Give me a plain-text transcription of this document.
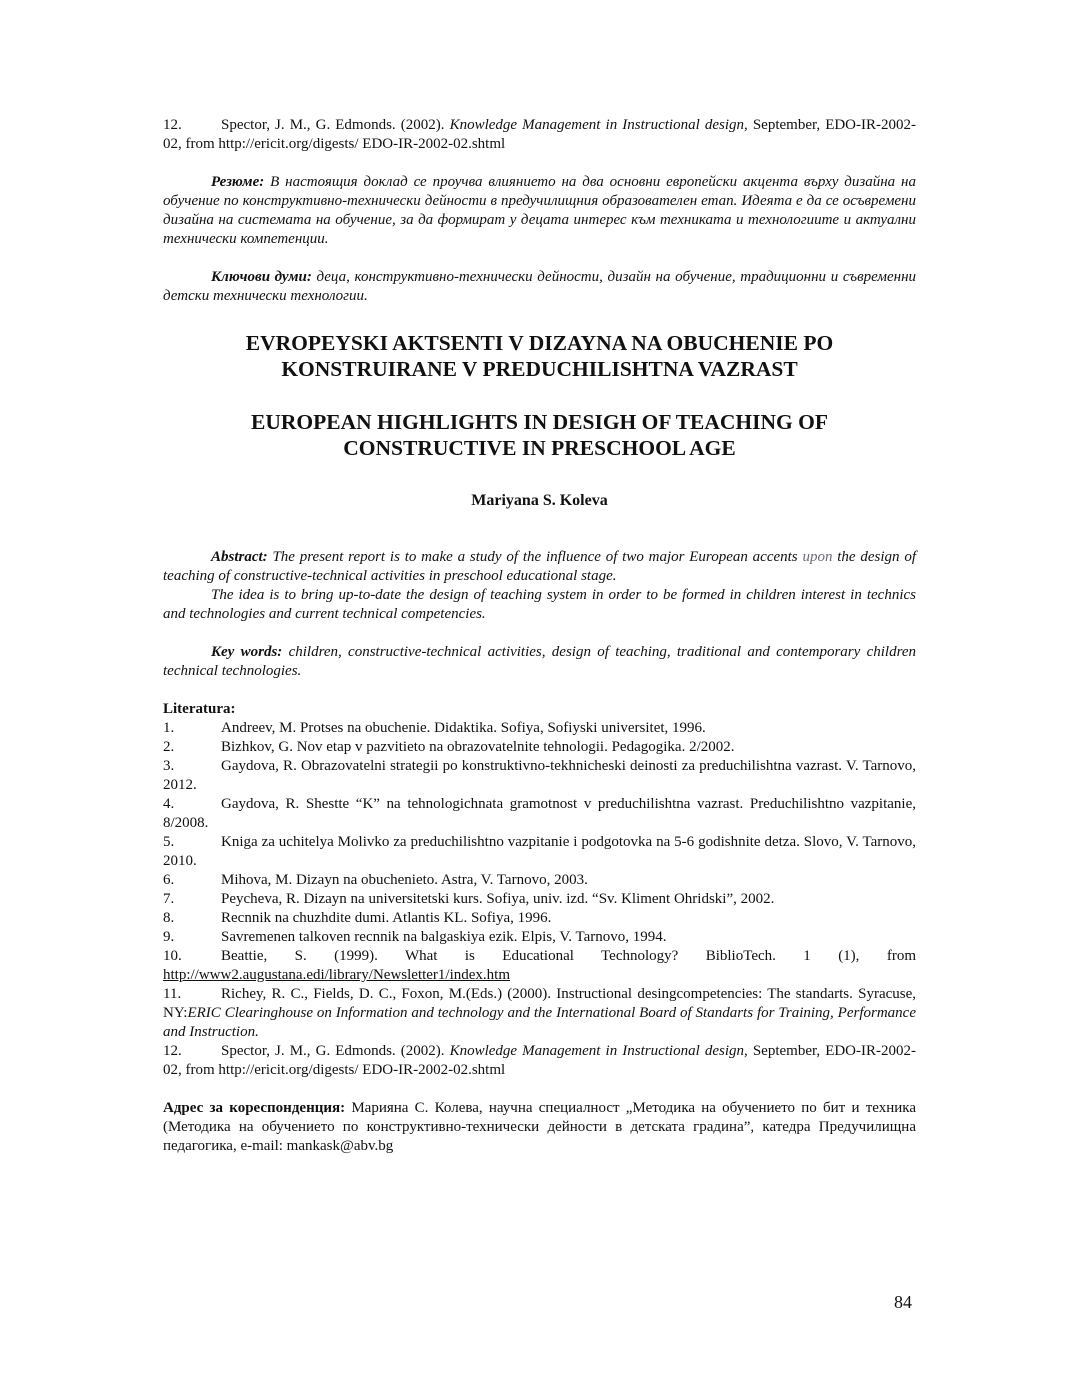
12.	Spector, J. M., G. Edmonds. (2002). Knowledge Management in Instructional design, September, EDO-IR-2002-02, from http://ericit.org/digests/ EDO-IR-2002-02.shtml

Резюме: В настоящия доклад се проучва влиянието на два основни европейски акцента върху дизайна на обучение по конструктивно-технически дейности в предучилищния образователен етап. Идеята е да се осъвремени дизайна на системата на обучение, за да формират у децата интерес към техниката и технологиите и актуални технически компетенции.

Ключови думи: деца, конструктивно-технически дейности, дизайн на обучение, традиционни и съвременни детски технически технологии.

EVROPEYSKI AKTSENTI V DIZAYNA NA OBUCHENIE PO
KONSTRUIRANE V PREDUCHILISHTNA VAZRAST
EUROPEAN HIGHLIGHTS IN DESIGH OF TEACHING OF
CONSTRUCTIVE IN PRESCHOOL AGE
Mariyana S. Koleva

Abstract: The present report is to make a study of the influence of two major European accents upon the design of teaching of constructive-technical activities in preschool educational stage.
The idea is to bring up-to-date the design of teaching system in order to be formed in children interest in technics and technologies and current technical competencies.

Key words: children, constructive-technical activities, design of teaching, traditional and contemporary children technical technologies.

Literatura:

1.	Andreev, M. Protses na obuchenie. Didaktika. Sofiya, Sofiyski universitet, 1996.

2.	Bizhkov, G. Nov etap v pazvitieto na obrazovatelnite tehnologii. Pedagogika. 2/2002.

3.	Gaydova, R. Obrazovatelni strategii po konstruktivno-tekhnicheski deinosti za preduchilishtna vazrast. V. Tarnovo, 2012.

4.	Gaydova, R. Shestte “K” na tehnologichnata gramotnost v preduchilishtna vazrast. Preduchilishtno vazpitanie, 8/2008.

5.	Kniga za uchitelya Molivko za preduchilishtno vazpitanie i podgotovka na 5-6 godishnite detza. Slovo, V. Tarnovo, 2010.

6.	Mihova, M. Dizayn na obuchenieto. Astra, V. Tarnovo, 2003.

7.	Peycheva, R. Dizayn na universitetski kurs. Sofiya, univ. izd. “Sv. Kliment Ohridski”, 2002.

8.	Recnnik na chuzhdite dumi. Atlantis KL. Sofiya, 1996.

9.	Savremenen talkoven recnnik na balgaskiya ezik. Elpis, V. Tarnovo, 1994.

10.	Beattie, S. (1999). What is Educational Technology? BiblioTech. 1 (1), from

http://www2.augustana.edi/library/Newsletter1/index.htm

11.	Richey, R. C., Fields, D. C., Foxon, M.(Eds.) (2000). Instructional desingcompetencies: The standarts. Syracuse, NY:ERIC Clearinghouse on Information and technology and the International Board of Standarts for Training, Performance and Instruction.

12.	Spector, J. M., G. Edmonds. (2002). Knowledge Management in Instructional design, September, EDO-IR-2002-02, from http://ericit.org/digests/ EDO-IR-2002-02.shtml

Адрес за кореспонденция: Марияна С. Колева, научна специалност „Методика на обучението по бит и техника (Методика на обучението по конструктивно-технически дейности в детската градина”, катедра Предучилищна педагогика, e-mail: mankask@abv.bg

84
